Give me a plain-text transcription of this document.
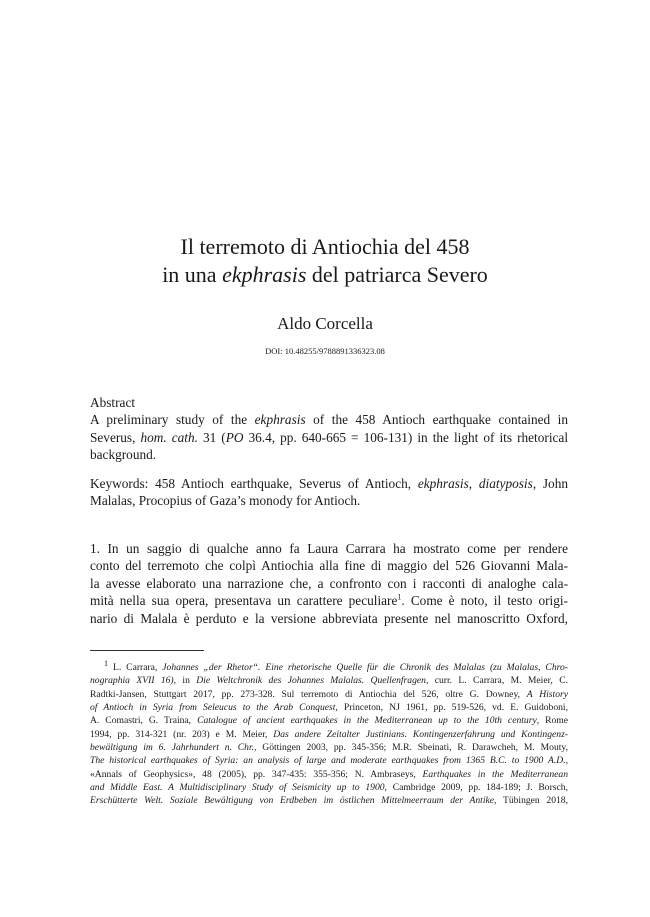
Il terremoto di Antiochia del 458
in una ekphrasis del patriarca Severo
Aldo Corcella
DOI: 10.48255/9788891336323.08
Abstract
A preliminary study of the ekphrasis of the 458 Antioch earthquake contained in
Severus, hom. cath. 31 (PO 36.4, pp. 640-665 = 106-131) in the light of its rhetorical
background.
Keywords: 458 Antioch earthquake, Severus of Antioch, ekphrasis, diatyposis, John
Malalas, Procopius of Gaza’s monody for Antioch.
1. In un saggio di qualche anno fa Laura Carrara ha mostrato come per rendere
conto del terremoto che colpì Antiochia alla fine di maggio del 526 Giovanni Mala-
la avesse elaborato una narrazione che, a confronto con i racconti di analoghe cala-
mità nella sua opera, presentava un carattere peculiare$^1$. Come è noto, il testo origi-
nario di Malala è perduto e la versione abbreviata presente nel manoscritto Oxford,
$^1$ L. Carrara, Johannes „der Rhetor“. Eine rhetorische Quelle für die Chronik des Malalas (zu Malalas, Chro-
nographia XVII 16), in Die Weltchronik des Johannes Malalas. Quellenfragen, curr. L. Carrara, M. Meier, C.
Radtki-Jansen, Stuttgart 2017, pp. 273-328. Sul terremoto di Antiochia del 526, oltre G. Downey, A History
of Antioch in Syria from Seleucus to the Arab Conquest, Princeton, NJ 1961, pp. 519-526, vd. E. Guidoboni,
A. Comastri, G. Traina, Catalogue of ancient earthquakes in the Mediterranean up to the 10th century, Rome
1994, pp. 314-321 (nr. 203) e M. Meier, Das andere Zeitalter Justinians. Kontingenzerfahrung und Kontingenz-
bewältigung im 6. Jahrhundert n. Chr., Göttingen 2003, pp. 345-356; M.R. Sbeinati, R. Darawcheh, M. Mouty,
The historical earthquakes of Syria: an analysis of large and moderate earthquakes from 1365 B.C. to 1900 A.D.,
«Annals of Geophysics», 48 (2005), pp. 347-435: 355-356; N. Ambraseys, Earthquakes in the Mediterranean
and Middle East. A Multidisciplinary Study of Seismicity up to 1900, Cambridge 2009, pp. 184-189; J. Borsch,
Erschütterte Welt. Soziale Bewältigung von Erdbeben im östlichen Mittelmeerraum der Antike, Tübingen 2018,
